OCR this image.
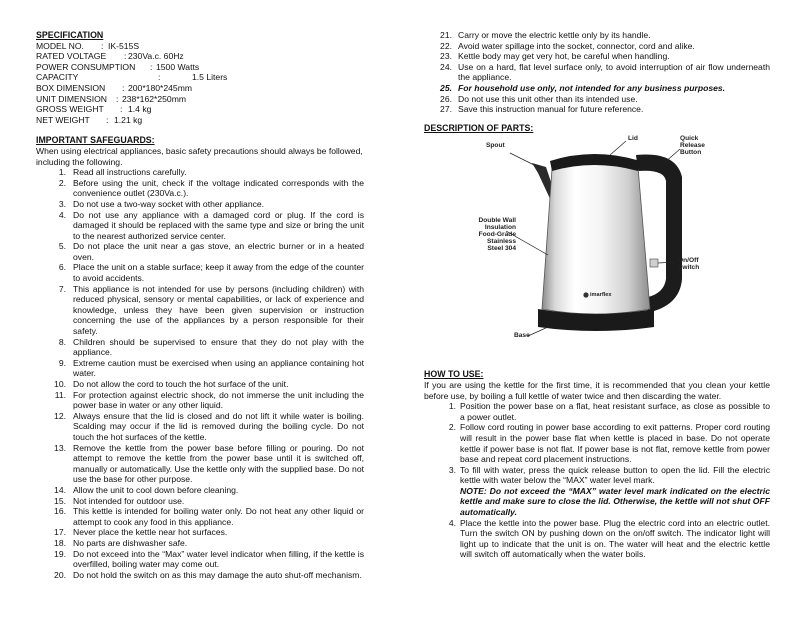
SPECIFICATION

MODEL NO. : IK-515S
RATED VOLTAGE : 230Va.c. 60Hz
POWER CONSUMPTION : 1500 Watts
CAPACITY	:	1.5 Liters
BOX DIMENSION : 200*180*245mm
UNIT DIMENSION : 238*162*250mm
GROSS WEIGHT : 1.4 kg
NET WEIGHT : 1.21 kg

IMPORTANT SAFEGUARDS:

When using electrical appliances, basic safety precautions should always be followed, including the following.

1. Read all instructions carefully.
2. Before using the unit, check if the voltage indicated corresponds with the convenience outlet (230Va.c.).
3. Do not use a two-way socket with other appliance.
4. Do not use any appliance with a damaged cord or plug. If the cord is damaged it should be replaced with the same type and size or bring the unit to the nearest authorized service center.
5. Do not place the unit near a gas stove, an electric burner or in a heated oven.
6. Place the unit on a stable surface; keep it away from the edge of the counter to avoid accidents.
7. This appliance is not intended for use by persons (including children) with reduced physical, sensory or mental capabilities, or lack of experience and knowledge, unless they have been given supervision or instruction concerning the use of the appliances by a person responsible for their safety.
8. Children should be supervised to ensure that they do not play with the appliance.
9. Extreme caution must be exercised when using an appliance containing hot water.
10. Do not allow the cord to touch the hot surface of the unit.
11. For protection against electric shock, do not immerse the unit including the power base in water or any other liquid.
12. Always ensure that the lid is closed and do not lift it while water is boiling. Scalding may occur if the lid is removed during the boiling cycle. Do not touch the hot surfaces of the kettle.
13. Remove the kettle from the power base before filling or pouring. Do not attempt to remove the kettle from the power base until it is switched off, manually or automatically. Use the kettle only with the supplied base. Do not use the base for other purpose.
14. Allow the unit to cool down before cleaning.
15. Not intended for outdoor use.
16. This kettle is intended for boiling water only. Do not heat any other liquid or attempt to cook any food in this appliance.
17. Never place the kettle near hot surfaces.
18. No parts are dishwasher safe.
19. Do not exceed into the “Max” water level indicator when filling, if the kettle is overfilled, boiling water may come out.
20. Do not hold the switch on as this may damage the auto shut-off mechanism.
21. Carry or move the electric kettle only by its handle.
22. Avoid water spillage into the socket, connector, cord and alike.
23. Kettle body may get very hot, be careful when handling.
24. Use on a hard, flat level surface only, to avoid interruption of air flow underneath the appliance.
25. For household use only, not intended for any business purposes.
26. Do not use this unit other than its intended use.
27. Save this instruction manual for future reference.

DESCRIPTION OF PARTS:

Spout
Lid	Quick Release Button
Double Wall Insulation Food-Grade Stainless Steel 304
On/Off Switch
Base
imarflex

HOW TO USE:

If you are using the kettle for the first time, it is recommended that you clean your kettle before use, by boiling a full kettle of water twice and then discarding the water.

1. Position the power base on a flat, heat resistant surface, as close as possible to a power outlet.
2. Follow cord routing in power base according to exit patterns. Proper cord routing will result in the power base flat when kettle is placed in base. Do not operate kettle if power base is not flat. If power base is not flat, remove kettle from power base and repeat cord placement instructions.
3. To fill with water, press the quick release button to open the lid. Fill the electric kettle with water below the “MAX” water level mark.
NOTE: Do not exceed the “MAX” water level mark indicated on the electric kettle and make sure to close the lid. Otherwise, the kettle will not shut OFF automatically.
4. Place the kettle into the power base. Plug the electric cord into an electric outlet. Turn the switch ON by pushing down on the on/off switch. The indicator light will light up to indicate that the unit is on. The water will heat and the electric kettle will switch off automatically when the water boils.
